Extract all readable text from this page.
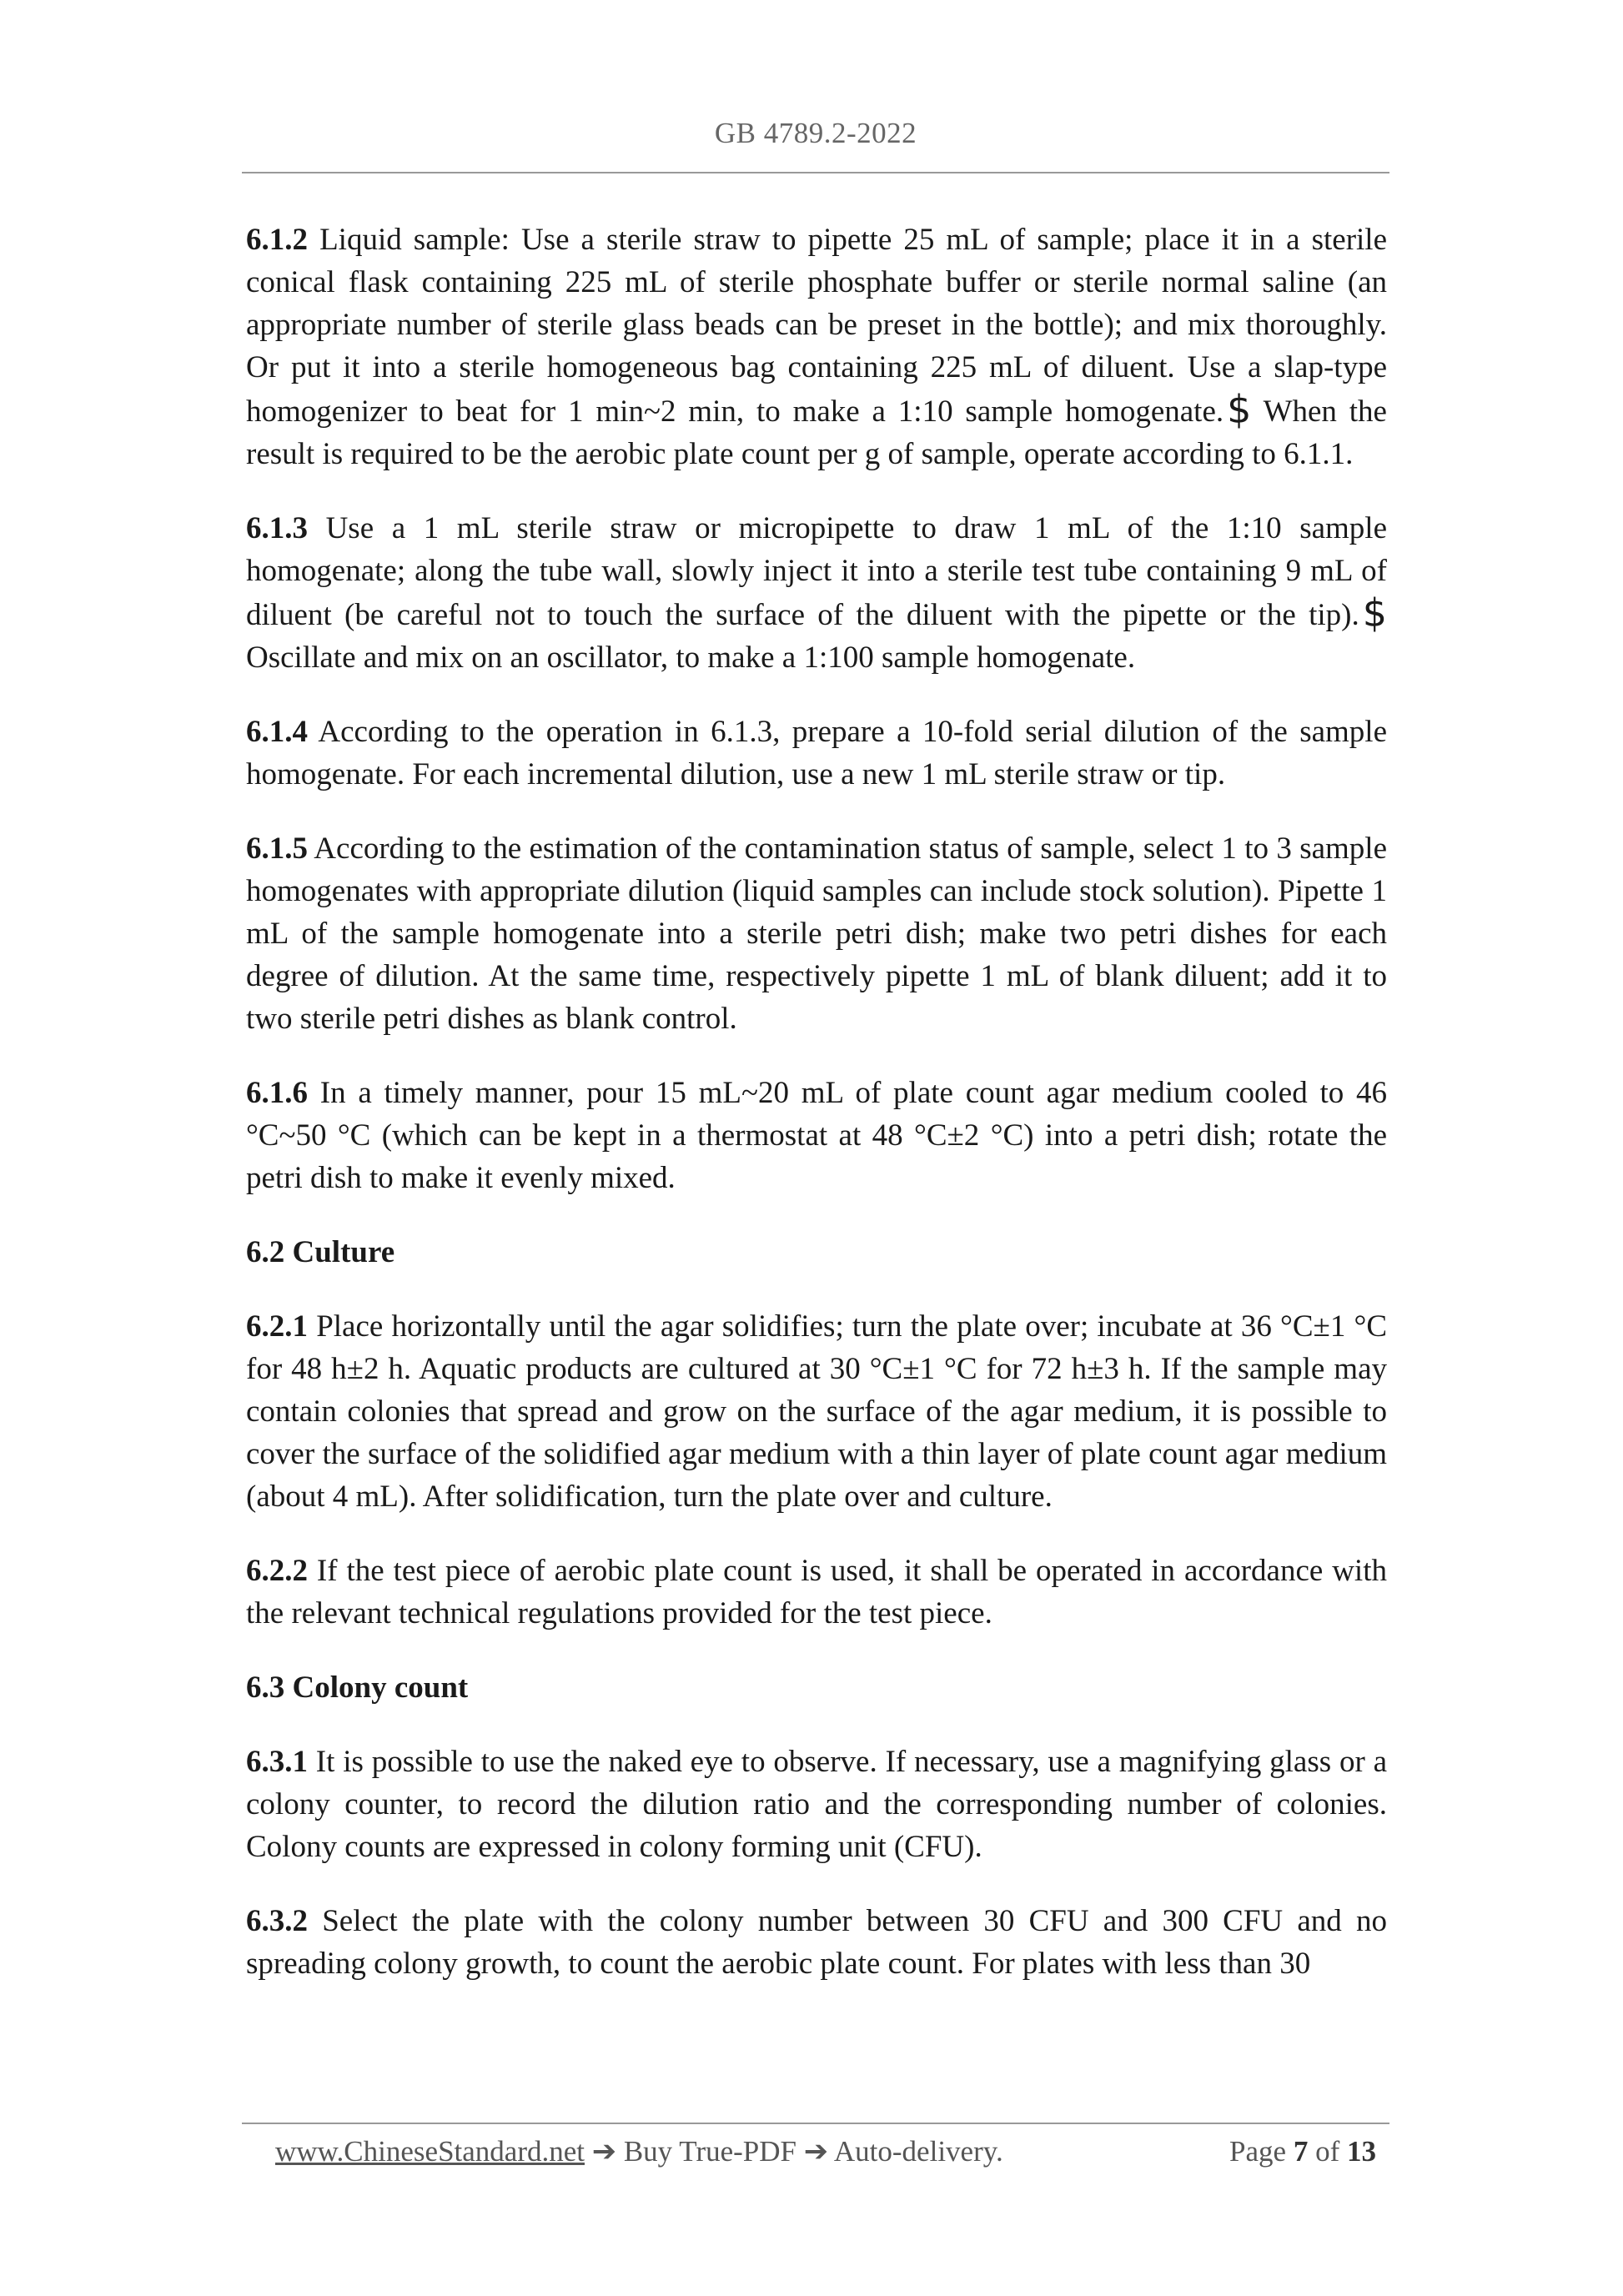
GB 4789.2-2022

6.1.2 Liquid sample: Use a sterile straw to pipette 25 mL of sample; place it in a sterile conical flask containing 225 mL of sterile phosphate buffer or sterile normal saline (an appropriate number of sterile glass beads can be preset in the bottle); and mix thoroughly. Or put it into a sterile homogeneous bag containing 225 mL of diluent. Use a slap-type homogenizer to beat for 1 min~2 min, to make a 1:10 sample homogenate.$ When the result is required to be the aerobic plate count per g of sample, operate according to 6.1.1.

6.1.3 Use a 1 mL sterile straw or micropipette to draw 1 mL of the 1:10 sample homogenate; along the tube wall, slowly inject it into a sterile test tube containing 9 mL of diluent (be careful not to touch the surface of the diluent with the pipette or the tip).$ Oscillate and mix on an oscillator, to make a 1:100 sample homogenate.

6.1.4 According to the operation in 6.1.3, prepare a 10-fold serial dilution of the sample homogenate. For each incremental dilution, use a new 1 mL sterile straw or tip.

6.1.5 According to the estimation of the contamination status of sample, select 1 to 3 sample homogenates with appropriate dilution (liquid samples can include stock solution). Pipette 1 mL of the sample homogenate into a sterile petri dish; make two petri dishes for each degree of dilution. At the same time, respectively pipette 1 mL of blank diluent; add it to two sterile petri dishes as blank control.

6.1.6 In a timely manner, pour 15 mL~20 mL of plate count agar medium cooled to 46 °C~50 °C (which can be kept in a thermostat at 48 °C±2 °C) into a petri dish; rotate the petri dish to make it evenly mixed.

6.2 Culture

6.2.1 Place horizontally until the agar solidifies; turn the plate over; incubate at 36 °C±1 °C for 48 h±2 h. Aquatic products are cultured at 30 °C±1 °C for 72 h±3 h. If the sample may contain colonies that spread and grow on the surface of the agar medium, it is possible to cover the surface of the solidified agar medium with a thin layer of plate count agar medium (about 4 mL). After solidification, turn the plate over and culture.

6.2.2 If the test piece of aerobic plate count is used, it shall be operated in accordance with the relevant technical regulations provided for the test piece.

6.3 Colony count

6.3.1 It is possible to use the naked eye to observe. If necessary, use a magnifying glass or a colony counter, to record the dilution ratio and the corresponding number of colonies. Colony counts are expressed in colony forming unit (CFU).

6.3.2 Select the plate with the colony number between 30 CFU and 300 CFU and no spreading colony growth, to count the aerobic plate count. For plates with less than 30

www.ChineseStandard.net ➔ Buy True-PDF ➔ Auto-delivery.	Page 7 of 13
